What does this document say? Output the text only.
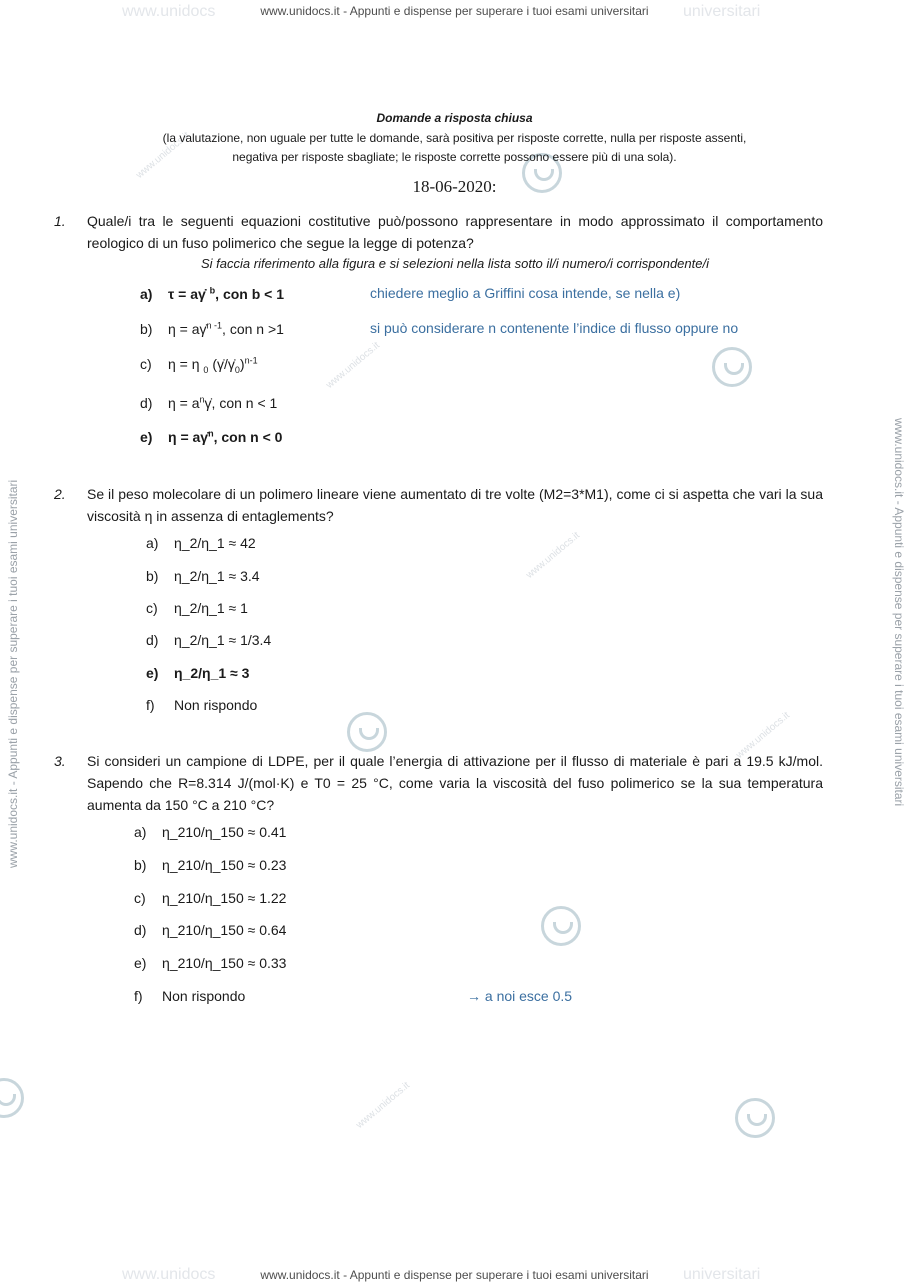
www.unidocs	universitari
www.unidocs.it - Appunti e dispense per superare i tuoi esami universitari
www.unidocs	universitari
www.unidocs.it - Appunti e dispense per superare i tuoi esami universitari
www.unidocs.it - Appunti e dispense per superare i tuoi esami universitari	www.unidocs.it - Appunti e dispense per superare i tuoi esami universitari
www.unidocs.it
www.unidocs.it
www.unidocs.it
www.unidocs.it
www.unidocs.it
Domande a risposta chiusa
(la valutazione, non uguale per tutte le domande, sarà positiva per risposte corrette, nulla per risposte assenti,
negativa per risposte sbagliate; le risposte corrette possono essere più di una sola).
18-06-2020:
1. Quale/i tra le seguenti equazioni costitutive può/possono rappresentare in modo approssimato il comportamento reologico di un fuso polimerico che segue la legge di potenza?
Si faccia riferimento alla figura e si selezioni nella lista sotto il/i numero/i corrispondente/i
a) τ = aγ̇ $^b$, con b < 1	chiedere meglio a Griffini cosa intende, se nella e)
b) η = aγ̇$^{n -1}$, con n >1	si può considerare n contenente l’indice di flusso oppure no
c) η = η $_0$ $(\gammȧ/\gammȧ_0)^{n-1}$
d) $\eta = a^n\gammȧ$, con n < 1
e) η = aγ̇$^n$, con n < 0
2. Se il peso molecolare di un polimero lineare viene aumentato di tre volte (M2=3*M1), come ci si aspetta che vari la sua viscosità η in assenza di entaglements?
a) η_2/η_1 ≈ 42
b) η_2/η_1 ≈ 3.4
c) η_2/η_1 ≈ 1
d) η_2/η_1 ≈ 1/3.4
e) η_2/η_1 ≈ 3
f) Non rispondo
3. Si consideri un campione di LDPE, per il quale l’energia di attivazione per il flusso di materiale è pari a 19.5 kJ/mol. Sapendo che R=8.314 J/(mol·K) e T0 = 25 °C, come varia la viscosità del fuso polimerico se la sua temperatura aumenta da 150 °C a 210 °C?
a) η_210/η_150 ≈ 0.41
b) η_210/η_150 ≈ 0.23
c) η_210/η_150 ≈ 1.22
d) η_210/η_150 ≈ 0.64
e) η_210/η_150 ≈ 0.33
f) Non rispondo	→ a noi esce 0.5
